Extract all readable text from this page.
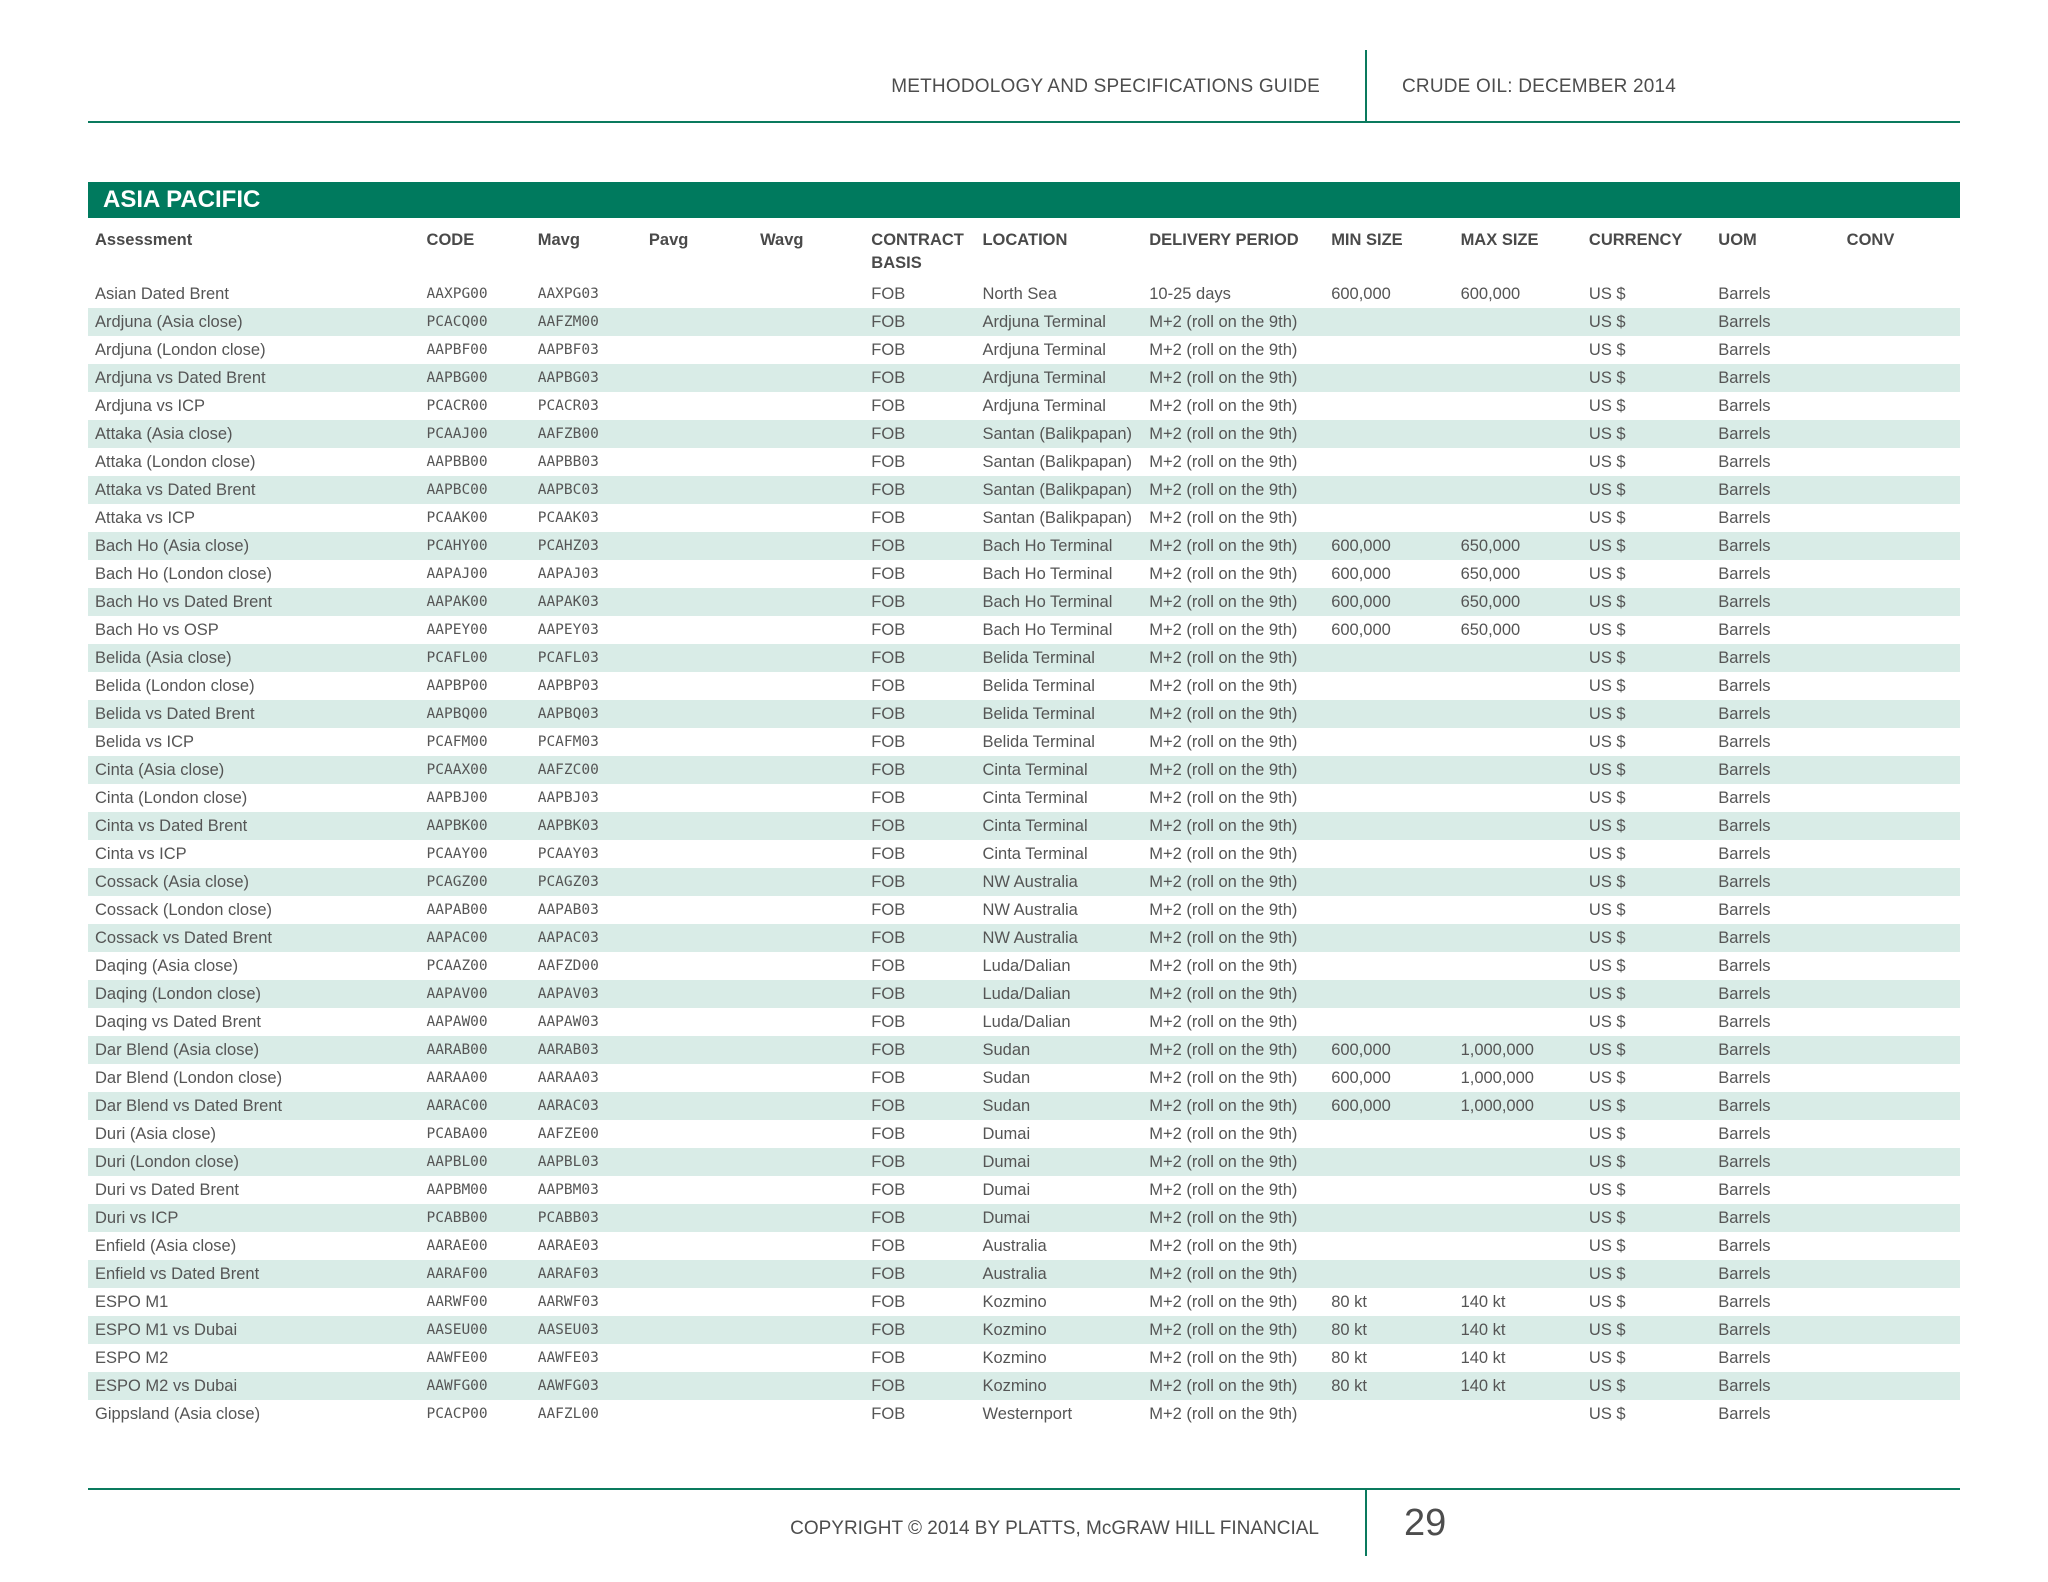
METHODOLOGY AND SPECIFICATIONS GUIDE	CRUDE OIL: DECEMBER 2014
ASIA PACIFIC
Assessment	CODE	Mavg	Pavg	Wavg	CONTRACT BASIS	LOCATION	DELIVERY PERIOD	MIN SIZE	MAX SIZE	CURRENCY	UOM	CONV
Asian Dated Brent	AAXPG00	AAXPG03			FOB	North Sea	10-25 days	600,000	600,000	US $	Barrels	
Ardjuna (Asia close)	PCACQ00	AAFZM00			FOB	Ardjuna Terminal	M+2 (roll on the 9th)			US $	Barrels	
Ardjuna (London close)	AAPBF00	AAPBF03			FOB	Ardjuna Terminal	M+2 (roll on the 9th)			US $	Barrels	
Ardjuna vs Dated Brent	AAPBG00	AAPBG03			FOB	Ardjuna Terminal	M+2 (roll on the 9th)			US $	Barrels	
Ardjuna vs ICP	PCACR00	PCACR03			FOB	Ardjuna Terminal	M+2 (roll on the 9th)			US $	Barrels	
Attaka (Asia close)	PCAAJ00	AAFZB00			FOB	Santan (Balikpapan)	M+2 (roll on the 9th)			US $	Barrels	
Attaka (London close)	AAPBB00	AAPBB03			FOB	Santan (Balikpapan)	M+2 (roll on the 9th)			US $	Barrels	
Attaka vs Dated Brent	AAPBC00	AAPBC03			FOB	Santan (Balikpapan)	M+2 (roll on the 9th)			US $	Barrels	
Attaka vs ICP	PCAAK00	PCAAK03			FOB	Santan (Balikpapan)	M+2 (roll on the 9th)			US $	Barrels	
Bach Ho (Asia close)	PCAHY00	PCAHZ03			FOB	Bach Ho Terminal	M+2 (roll on the 9th)	600,000	650,000	US $	Barrels	
Bach Ho (London close)	AAPAJ00	AAPAJ03			FOB	Bach Ho Terminal	M+2 (roll on the 9th)	600,000	650,000	US $	Barrels	
Bach Ho vs Dated Brent	AAPAK00	AAPAK03			FOB	Bach Ho Terminal	M+2 (roll on the 9th)	600,000	650,000	US $	Barrels	
Bach Ho vs OSP	AAPEY00	AAPEY03			FOB	Bach Ho Terminal	M+2 (roll on the 9th)	600,000	650,000	US $	Barrels	
Belida (Asia close)	PCAFL00	PCAFL03			FOB	Belida Terminal	M+2 (roll on the 9th)			US $	Barrels	
Belida (London close)	AAPBP00	AAPBP03			FOB	Belida Terminal	M+2 (roll on the 9th)			US $	Barrels	
Belida vs Dated Brent	AAPBQ00	AAPBQ03			FOB	Belida Terminal	M+2 (roll on the 9th)			US $	Barrels	
Belida vs ICP	PCAFM00	PCAFM03			FOB	Belida Terminal	M+2 (roll on the 9th)			US $	Barrels	
Cinta (Asia close)	PCAAX00	AAFZC00			FOB	Cinta Terminal	M+2 (roll on the 9th)			US $	Barrels	
Cinta (London close)	AAPBJ00	AAPBJ03			FOB	Cinta Terminal	M+2 (roll on the 9th)			US $	Barrels	
Cinta vs Dated Brent	AAPBK00	AAPBK03			FOB	Cinta Terminal	M+2 (roll on the 9th)			US $	Barrels	
Cinta vs ICP	PCAAY00	PCAAY03			FOB	Cinta Terminal	M+2 (roll on the 9th)			US $	Barrels	
Cossack (Asia close)	PCAGZ00	PCAGZ03			FOB	NW Australia	M+2 (roll on the 9th)			US $	Barrels	
Cossack (London close)	AAPAB00	AAPAB03			FOB	NW Australia	M+2 (roll on the 9th)			US $	Barrels	
Cossack vs Dated Brent	AAPAC00	AAPAC03			FOB	NW Australia	M+2 (roll on the 9th)			US $	Barrels	
Daqing (Asia close)	PCAAZ00	AAFZD00			FOB	Luda/Dalian	M+2 (roll on the 9th)			US $	Barrels	
Daqing (London close)	AAPAV00	AAPAV03			FOB	Luda/Dalian	M+2 (roll on the 9th)			US $	Barrels	
Daqing vs Dated Brent	AAPAW00	AAPAW03			FOB	Luda/Dalian	M+2 (roll on the 9th)			US $	Barrels	
Dar Blend (Asia close)	AARAB00	AARAB03			FOB	Sudan	M+2 (roll on the 9th)	600,000	1,000,000	US $	Barrels	
Dar Blend (London close)	AARAA00	AARAA03			FOB	Sudan	M+2 (roll on the 9th)	600,000	1,000,000	US $	Barrels	
Dar Blend vs Dated Brent	AARAC00	AARAC03			FOB	Sudan	M+2 (roll on the 9th)	600,000	1,000,000	US $	Barrels	
Duri (Asia close)	PCABA00	AAFZE00			FOB	Dumai	M+2 (roll on the 9th)			US $	Barrels	
Duri (London close)	AAPBL00	AAPBL03			FOB	Dumai	M+2 (roll on the 9th)			US $	Barrels	
Duri vs Dated Brent	AAPBM00	AAPBM03			FOB	Dumai	M+2 (roll on the 9th)			US $	Barrels	
Duri vs ICP	PCABB00	PCABB03			FOB	Dumai	M+2 (roll on the 9th)			US $	Barrels	
Enfield (Asia close)	AARAE00	AARAE03			FOB	Australia	M+2 (roll on the 9th)			US $	Barrels	
Enfield vs Dated Brent	AARAF00	AARAF03			FOB	Australia	M+2 (roll on the 9th)			US $	Barrels	
ESPO M1	AARWF00	AARWF03			FOB	Kozmino	M+2 (roll on the 9th)	80 kt	140 kt	US $	Barrels	
ESPO M1 vs Dubai	AASEU00	AASEU03			FOB	Kozmino	M+2 (roll on the 9th)	80 kt	140 kt	US $	Barrels	
ESPO M2	AAWFE00	AAWFE03			FOB	Kozmino	M+2 (roll on the 9th)	80 kt	140 kt	US $	Barrels	
ESPO M2 vs Dubai	AAWFG00	AAWFG03			FOB	Kozmino	M+2 (roll on the 9th)	80 kt	140 kt	US $	Barrels	
Gippsland (Asia close)	PCACP00	AAFZL00			FOB	Westernport	M+2 (roll on the 9th)			US $	Barrels	
COPYRIGHT © 2014 BY PLATTS, McGRAW HILL FINANCIAL 29
